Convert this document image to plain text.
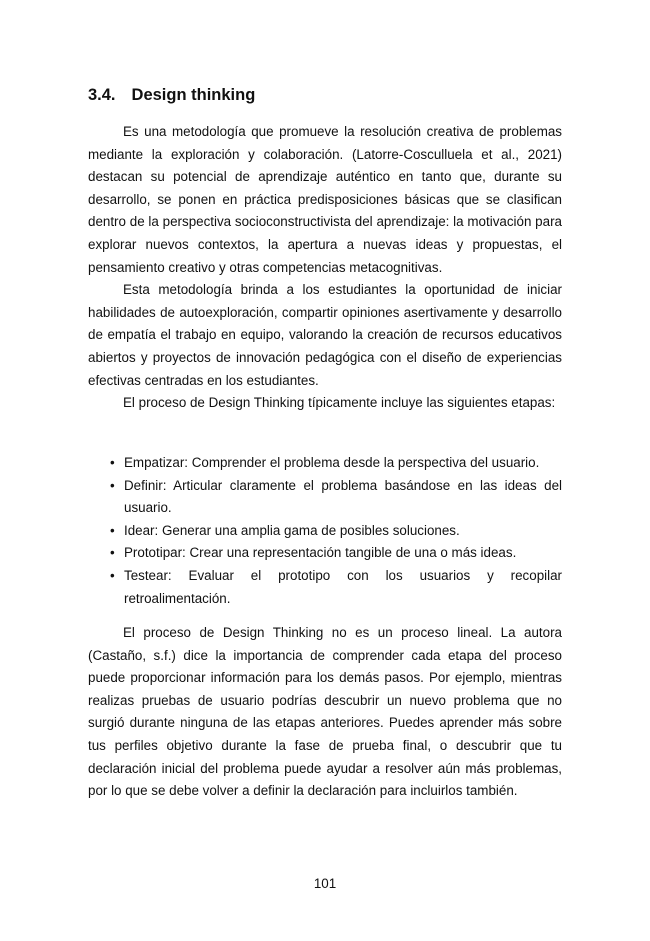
3.4. Design thinking

Es una metodología que promueve la resolución creativa de problemas mediante la exploración y colaboración. (Latorre-Cosculluela et al., 2021) destacan su potencial de aprendizaje auténtico en tanto que, durante su desarrollo, se ponen en práctica predisposiciones básicas que se clasifican dentro de la perspectiva socioconstructivista del aprendizaje: la motivación para explorar nuevos contextos, la apertura a nuevas ideas y propuestas, el pensamiento creativo y otras competencias metacognitivas.

Esta metodología brinda a los estudiantes la oportunidad de iniciar habilidades de autoexploración, compartir opiniones asertivamente y desarrollo de empatía el trabajo en equipo, valorando la creación de recursos educativos abiertos y proyectos de innovación pedagógica con el diseño de experiencias efectivas centradas en los estudiantes.

El proceso de Design Thinking típicamente incluye las siguientes etapas:

• Empatizar: Comprender el problema desde la perspectiva del usuario.
• Definir: Articular claramente el problema basándose en las ideas del usuario.
• Idear: Generar una amplia gama de posibles soluciones.
• Prototipar: Crear una representación tangible de una o más ideas.
• Testear: Evaluar el prototipo con los usuarios y recopilar retroalimentación.

El proceso de Design Thinking no es un proceso lineal. La autora (Castaño, s.f.) dice la importancia de comprender cada etapa del proceso puede proporcionar información para los demás pasos. Por ejemplo, mientras realizas pruebas de usuario podrías descubrir un nuevo problema que no surgió durante ninguna de las etapas anteriores. Puedes aprender más sobre tus perfiles objetivo durante la fase de prueba final, o descubrir que tu declaración inicial del problema puede ayudar a resolver aún más problemas, por lo que se debe volver a definir la declaración para incluirlos también.

101
